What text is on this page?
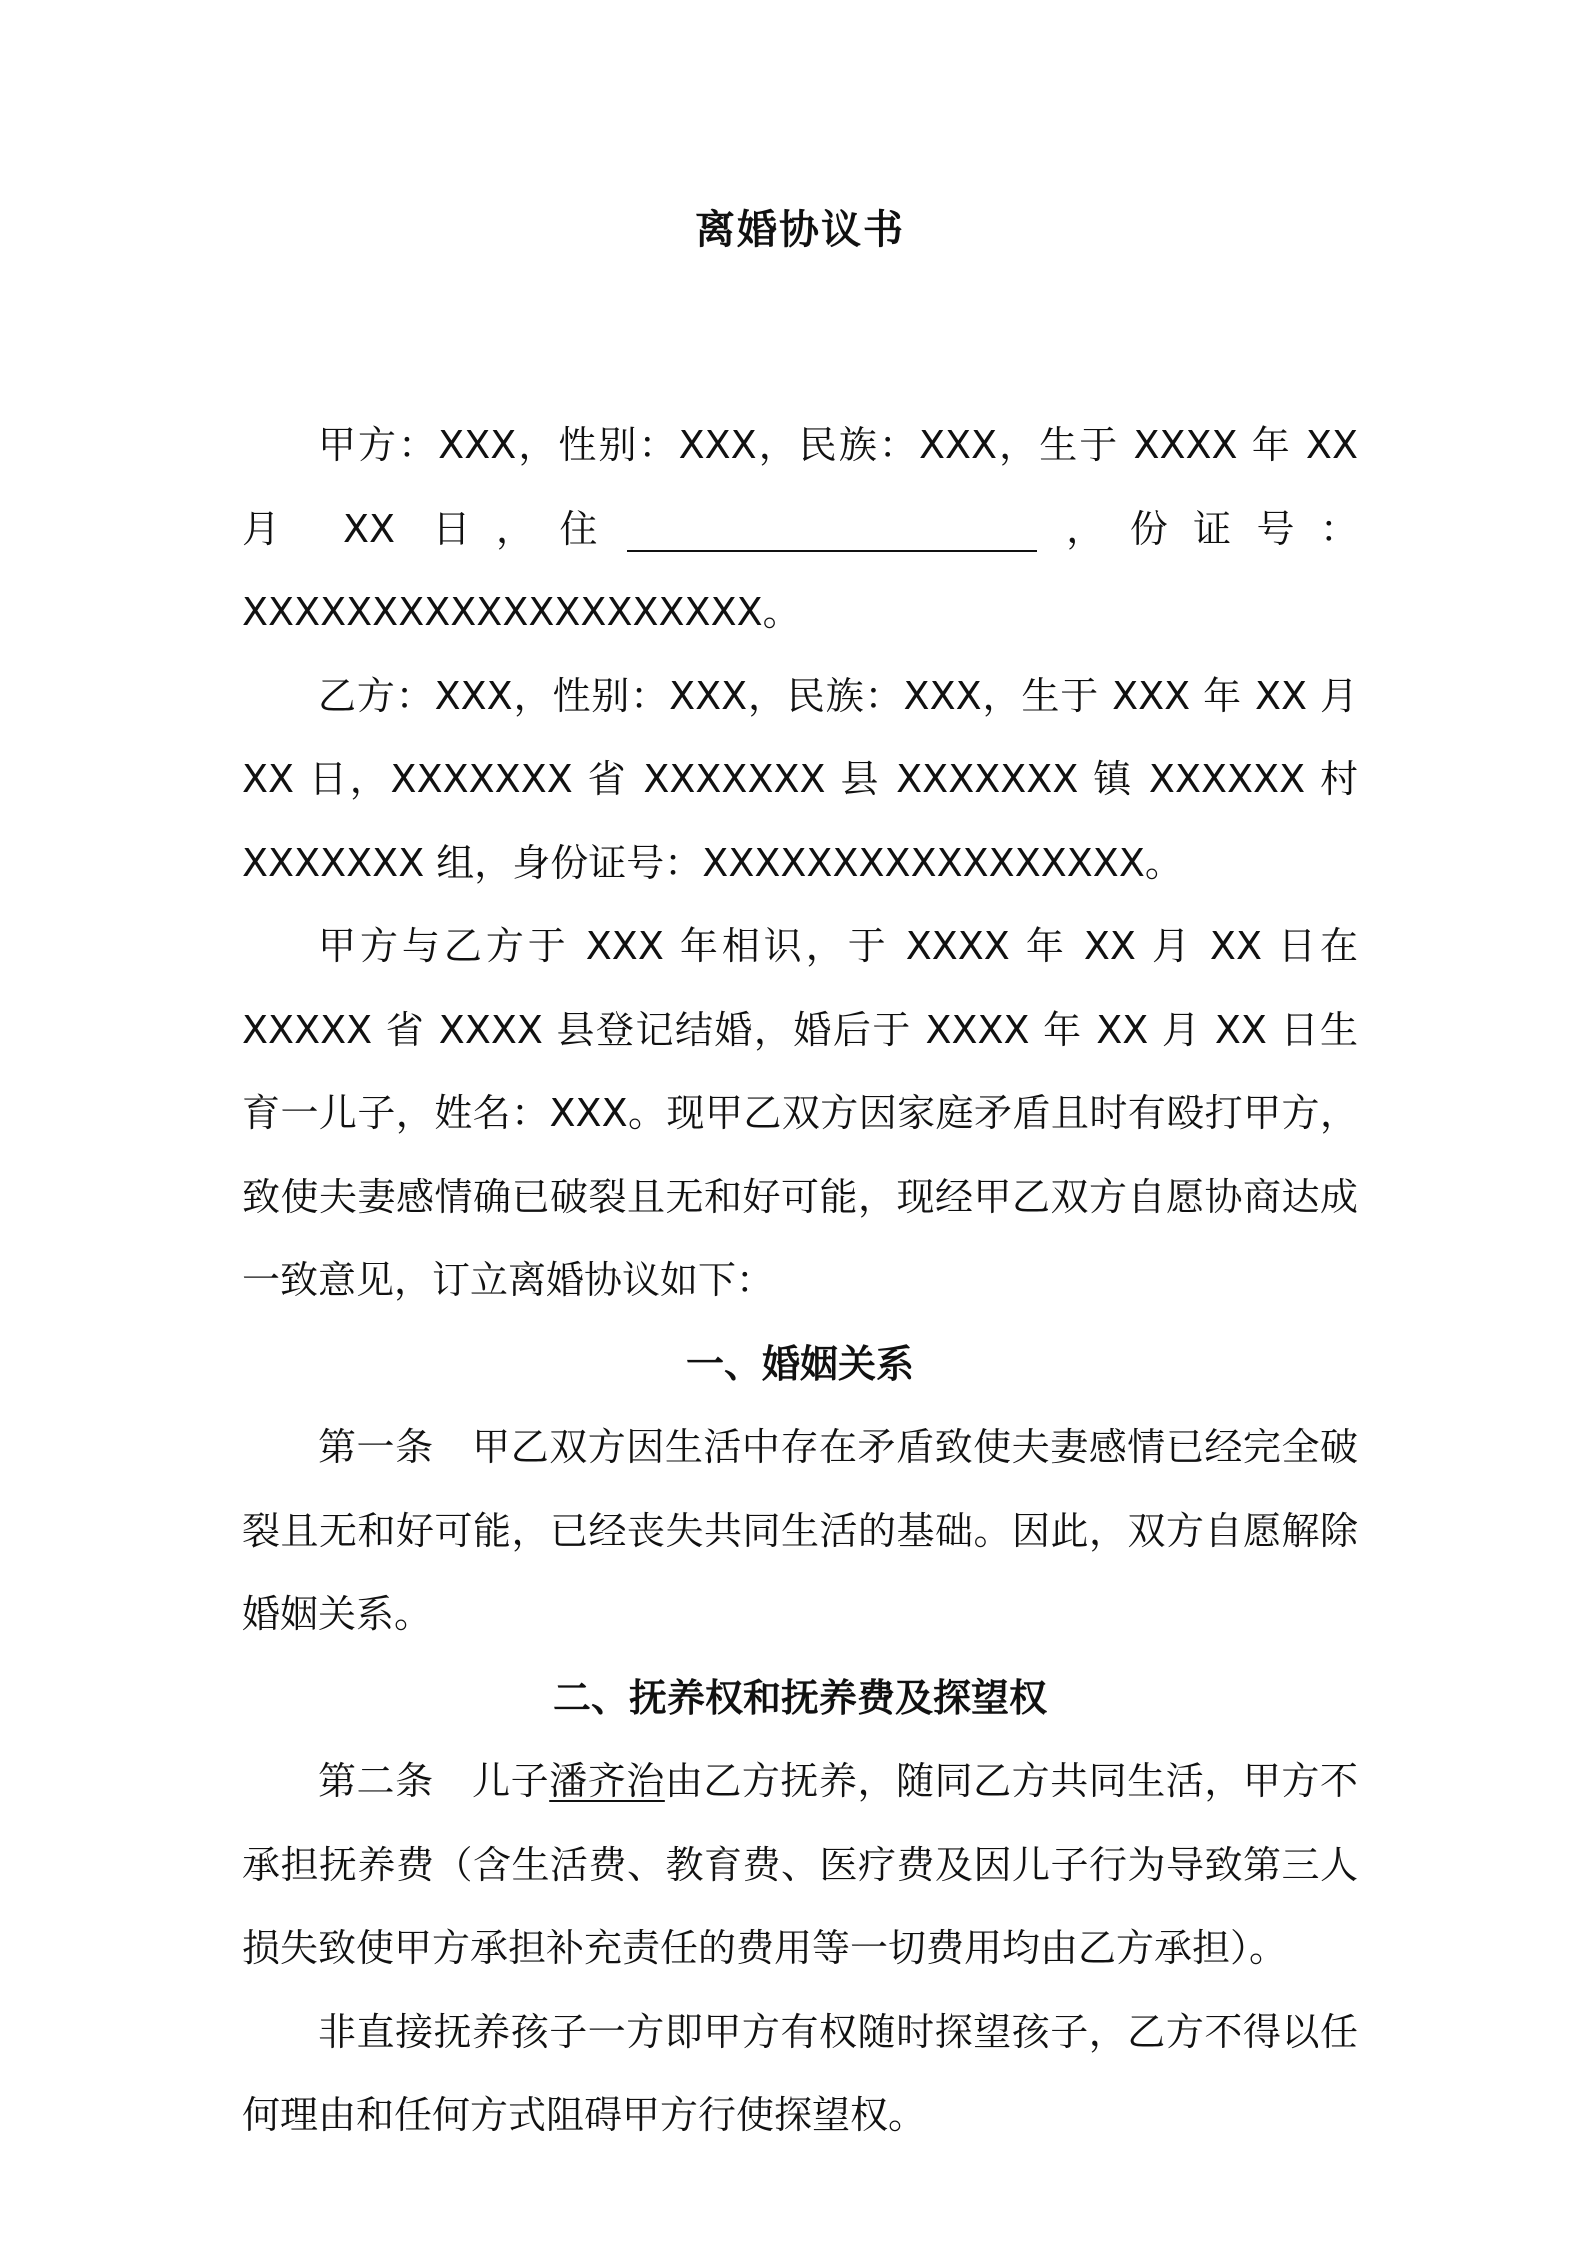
离婚协议书

甲方：XXX，性别：XXX，民族：XXX，生于 XXXX 年 XX 月 XX 日，住	，份证号：XXXXXXXXXXXXXXXXXXXX。

乙方：XXX，性别：XXX，民族：XXX，生于 XXX 年 XX 月 XX 日，XXXXXXX 省 XXXXXXX 县 XXXXXXX 镇 XXXXXX 村 XXXXXXX 组，身份证号：XXXXXXXXXXXXXXXXX。

甲方与乙方于 XXX 年相识，于 XXXX 年 XX 月 XX 日在 XXXXX 省 XXXX 县登记结婚，婚后于 XXXX 年 XX 月 XX 日生育一儿子，姓名：XXX。现甲乙双方因家庭矛盾且时有殴打甲方，致使夫妻感情确已破裂且无和好可能，现经甲乙双方自愿协商达成一致意见，订立离婚协议如下：

一、婚姻关系

第一条 甲乙双方因生活中存在矛盾致使夫妻感情已经完全破裂且无和好可能，已经丧失共同生活的基础。因此，双方自愿解除婚姻关系。

二、抚养权和抚养费及探望权

第二条 儿子潘齐治由乙方抚养，随同乙方共同生活，甲方不承担抚养费（含生活费、教育费、医疗费及因儿子行为导致第三人损失致使甲方承担补充责任的费用等一切费用均由乙方承担）。

非直接抚养孩子一方即甲方有权随时探望孩子，乙方不得以任何理由和任何方式阻碍甲方行使探望权。
